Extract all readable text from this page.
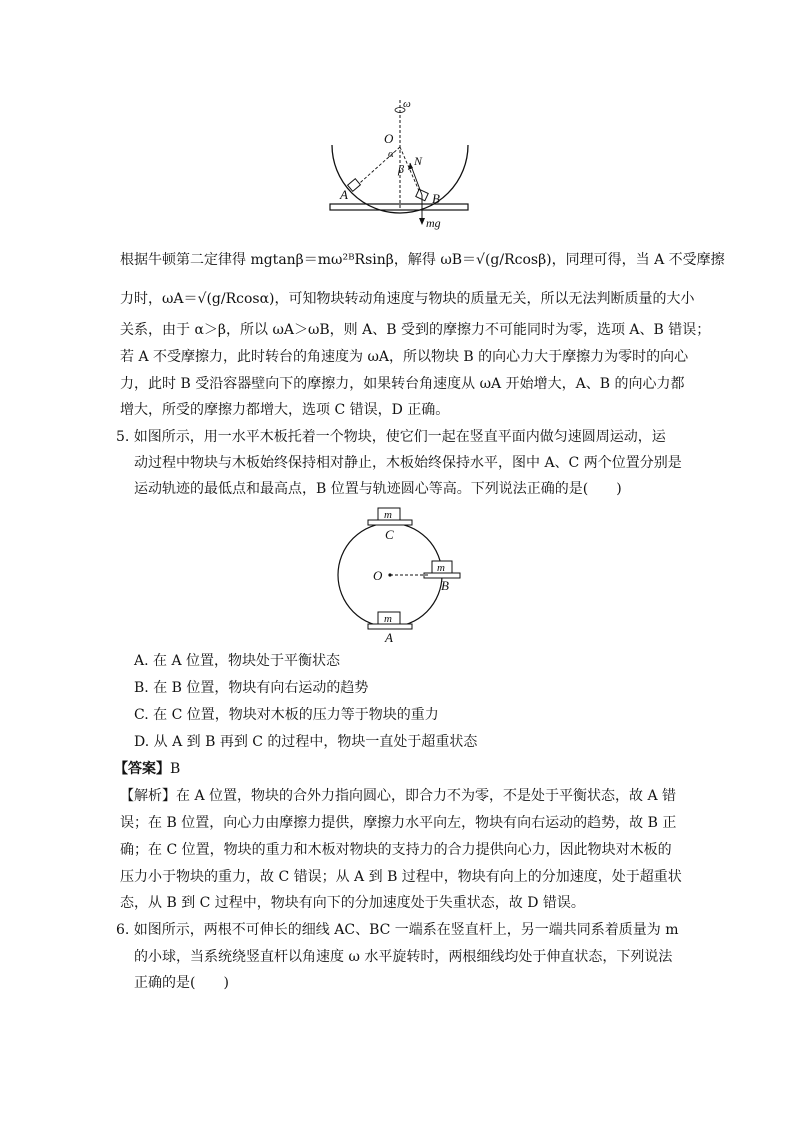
ω
O
α
β
N
A	B
mg
根据牛顿第二定律得 mgtanβ＝mω²ᴮRsinβ，解得 ωB＝√(g/Rcosβ)，同理可得，当 A 不受摩擦
力时，ωA＝√(g/Rcosα)，可知物块转动角速度与物块的质量无关，所以无法判断质量的大小
关系，由于 α＞β，所以 ωA＞ωB，则 A、B 受到的摩擦力不可能同时为零，选项 A、B 错误；
若 A 不受摩擦力，此时转台的角速度为 ωA，所以物块 B 的向心力大于摩擦力为零时的向心
力，此时 B 受沿容器壁向下的摩擦力，如果转台角速度从 ωA 开始增大，A、B 的向心力都
增大，所受的摩擦力都增大，选项 C 错误，D 正确。
5. 如图所示，用一水平木板托着一个物块，使它们一起在竖直平面内做匀速圆周运动，运
动过程中物块与木板始终保持相对静止，木板始终保持水平，图中 A、C 两个位置分别是
运动轨迹的最低点和最高点，B 位置与轨迹圆心等高。下列说法正确的是(　　)
m
C
O	m
B
m
A
A. 在 A 位置，物块处于平衡状态
B. 在 B 位置，物块有向右运动的趋势
C. 在 C 位置，物块对木板的压力等于物块的重力
D. 从 A 到 B 再到 C 的过程中，物块一直处于超重状态
【答案】B
【解析】在 A 位置，物块的合外力指向圆心，即合力不为零，不是处于平衡状态，故 A 错
误；在 B 位置，向心力由摩擦力提供，摩擦力水平向左，物块有向右运动的趋势，故 B 正
确；在 C 位置，物块的重力和木板对物块的支持力的合力提供向心力，因此物块对木板的
压力小于物块的重力，故 C 错误；从 A 到 B 过程中，物块有向上的分加速度，处于超重状
态，从 B 到 C 过程中，物块有向下的分加速度处于失重状态，故 D 错误。
6. 如图所示，两根不可伸长的细线 AC、BC 一端系在竖直杆上，另一端共同系着质量为 m
的小球，当系统绕竖直杆以角速度 ω 水平旋转时，两根细线均处于伸直状态，下列说法
正确的是(　　)
